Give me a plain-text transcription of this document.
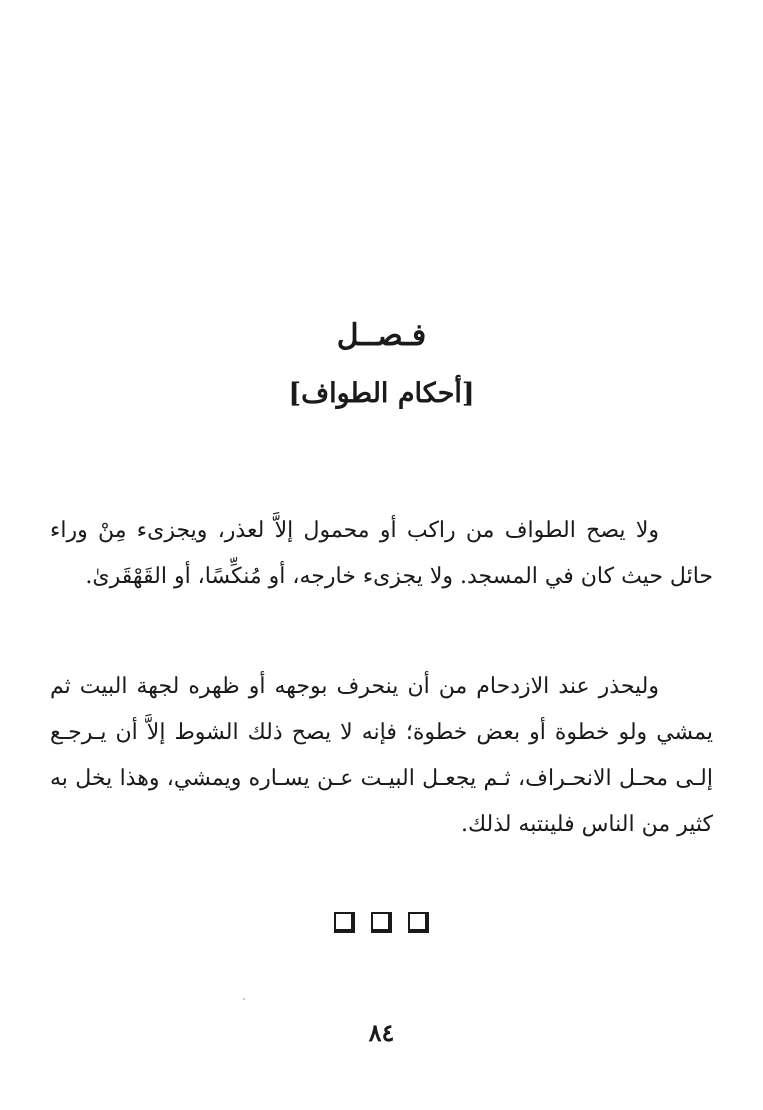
فـصــل
[أحكام الطواف]

ولا يصح الطواف من راكب أو محمول إلاَّ لعذر، ويجزىء مِنْ وراء حائل حيث كان في المسجد. ولا يجزىء خارجه، أو مُنكِّسًا، أو القَهْقَرىٰ.

وليحذر عند الازدحام من أن ينحرف بوجهه أو ظهره لجهة البيت ثم يمشي ولو خطوة أو بعض خطوة؛ فإنه لا يصح ذلك الشوط إلاَّ أن يـرجـع إلـى محـل الانحـراف، ثـم يجعـل البيـت عـن يسـاره ويمشي، وهذا يخل به كثير من الناس فلينتبه لذلك.

٨٤
